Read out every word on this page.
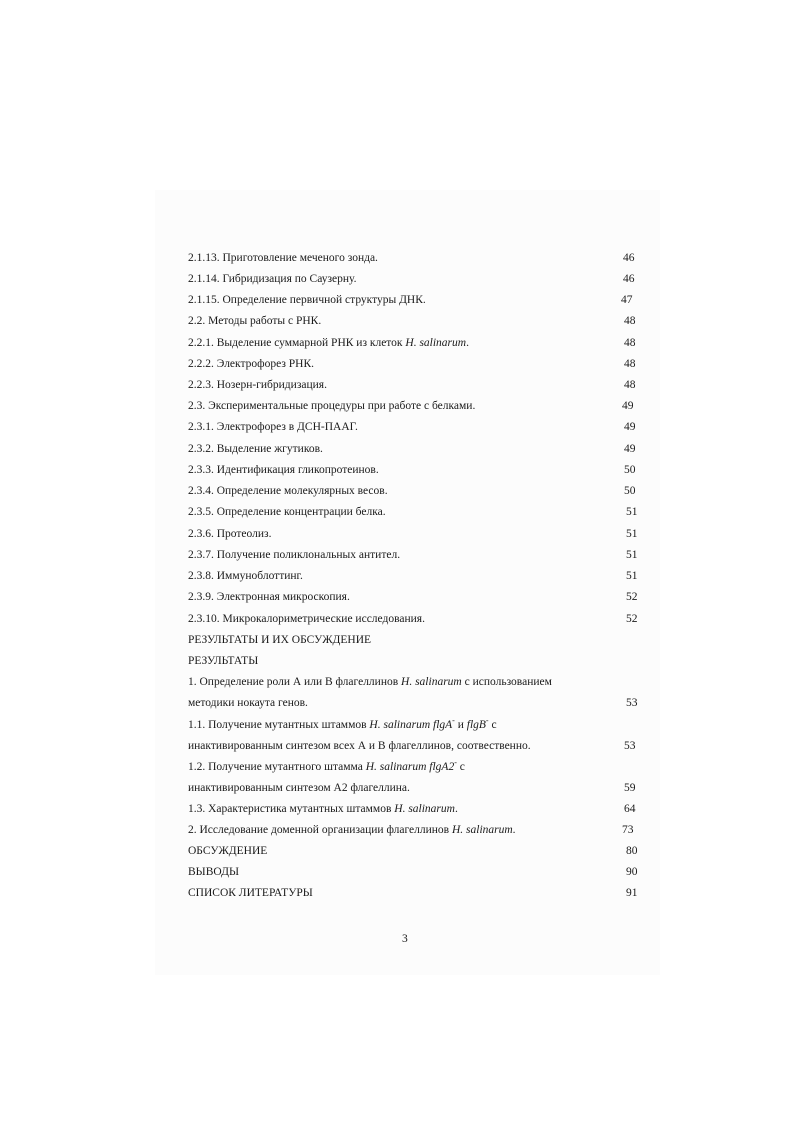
2.1.13. Приготовление меченого зонда.	46
2.1.14. Гибридизация по Саузерну.	46
2.1.15. Определение первичной структуры ДНК.	47
2.2. Методы работы с РНК.	48
2.2.1. Выделение суммарной РНК из клеток H. salinarum.	48
2.2.2. Электрофорез РНК.	48
2.2.3. Нозерн-гибридизация.	48
2.3. Экспериментальные процедуры при работе с белками.	49
2.3.1. Электрофорез в ДСН-ПААГ.	49
2.3.2. Выделение жгутиков.	49
2.3.3. Идентификация гликопротеинов.	50
2.3.4. Определение молекулярных весов.	50
2.3.5. Определение концентрации белка.	51
2.3.6. Протеолиз.	51
2.3.7. Получение поликлональных антител.	51
2.3.8. Иммуноблоттинг.	51
2.3.9. Электронная микроскопия.	52
2.3.10. Микрокалориметрические исследования.	52
РЕЗУЛЬТАТЫ И ИХ ОБСУЖДЕНИЕ
РЕЗУЛЬТАТЫ
1. Определение роли А или В флагеллинов H. salinarum с использованием
методики нокаута генов.	53
1.1. Получение мутантных штаммов H. salinarum flgA- и flgB- с
инактивированным синтезом всех А и В флагеллинов, соотвественно.	53
1.2. Получение мутантного штамма H. salinarum flgA2- с
инактивированным синтезом А2 флагеллина.	59
1.3. Характеристика мутантных штаммов H. salinarum.	64
2. Исследование доменной организации флагеллинов H. salinarum.	73
ОБСУЖДЕНИЕ	80
ВЫВОДЫ	90
СПИСОК ЛИТЕРАТУРЫ	91
3
